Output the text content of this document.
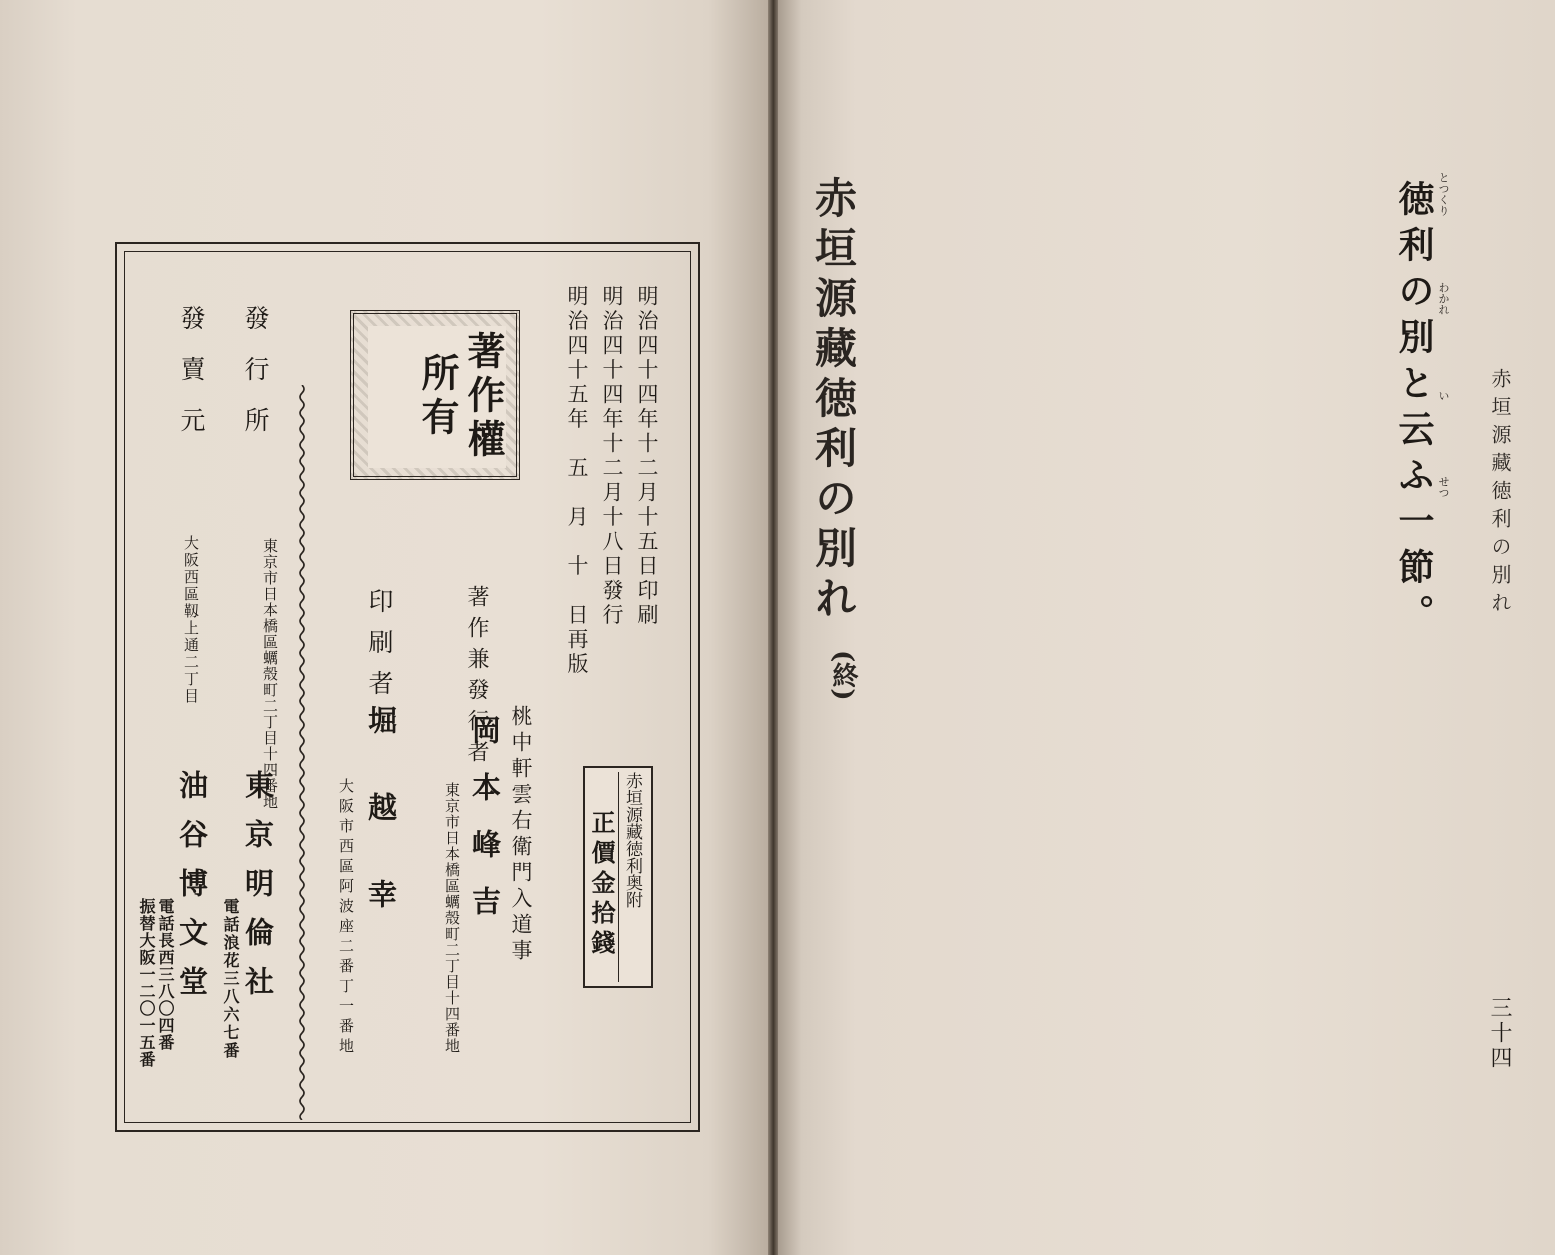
明治四十四年十二月十五日印刷
明治四十四年十二月十八日發行
明治四十五年　五　月　十　日再版
著作權所有
著作兼發行者
桃中軒雲右衛門入道事
岡本峰吉
東京市日本橋區蠣殼町二丁目十四番地
印刷者
堀越幸
大阪市西區阿波座二番丁一番地	赤垣源藏徳利奥附
正價金拾錢
發行所
東京市日本橋區蠣殼町二丁目十四番地
東京明倫社
電話浪花三八六七番
發賣元
大阪西區靱上通二丁目
油谷博文堂
電話長西三八〇四番
振替大阪一二〇一五番
赤垣源藏徳利の別れ
(終)
徳利の別と云ふ一節。 とつくり
わかれ
い
せつ 赤垣源藏徳利の別れ
三十四
